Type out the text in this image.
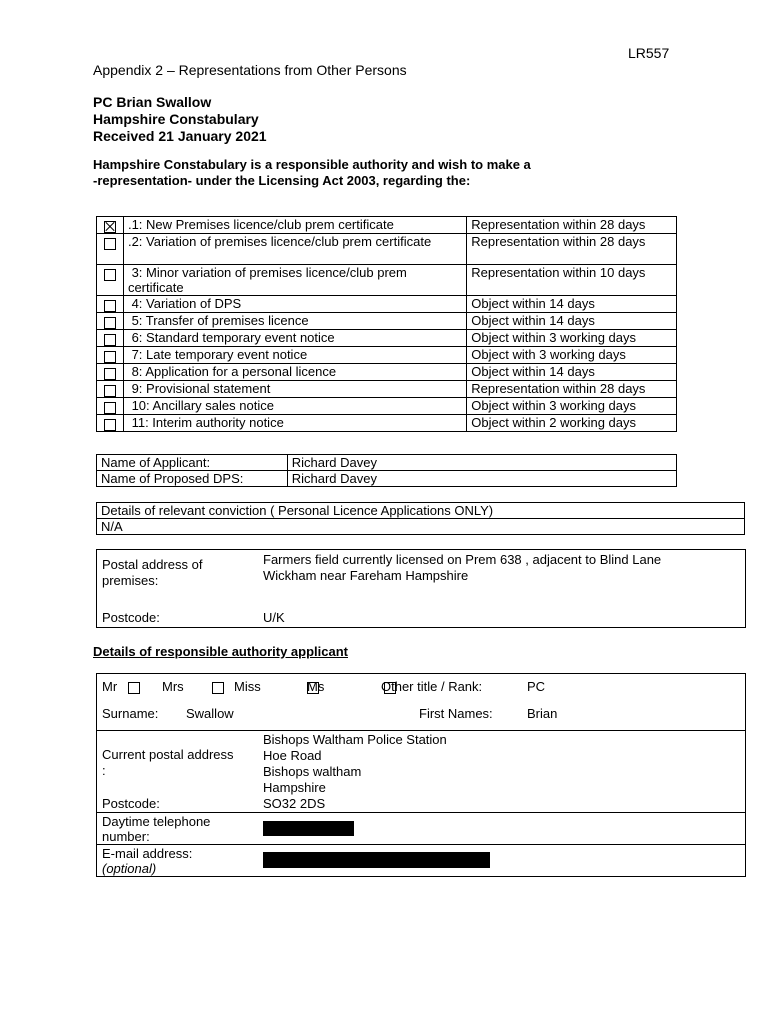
LR557
Appendix 2 – Representations from Other Persons
PC Brian Swallow
Hampshire Constabulary
Received 21 January 2021
Hampshire Constabulary is a responsible authority and wish to make a
-representation- under the Licensing Act 2003, regarding the:
	.1: New Premises licence/club prem certificate	Representation within 28 days
	.2: Variation of premises licence/club prem certificate	Representation within 28 days
	3: Minor variation of premises licence/club prem certificate	Representation within 10 days
	4: Variation of DPS	Object within 14 days
	5: Transfer of premises licence	Object within 14 days
	6: Standard temporary event notice	Object within 3 working days
	7: Late temporary event notice	Object with 3 working days
	8: Application for a personal licence	Object within 14 days
	9: Provisional statement	Representation within 28 days
	10: Ancillary sales notice	Object within 3 working days
	11: Interim authority notice	Object within 2 working days
Name of Applicant:	Richard Davey
Name of Proposed DPS:	Richard Davey
Details of relevant conviction ( Personal Licence Applications ONLY)
N/A
Postal address of
premises:
Farmers field currently licensed on Prem 638 , adjacent to Blind Lane
Wickham near Fareham Hampshire
Postcode:	U/K
Details of responsible authority applicant
Mr
	Mrs
	Miss
	Ms	Other title / Rank:	PC
Surname: Swallow	First Names:	Brian
Current postal address
:
Bishops Waltham Police Station
Hoe Road
Bishops waltham
Hampshire
Postcode:	SO32 2DS
Daytime telephone
number:
E-mail address:
(optional)
